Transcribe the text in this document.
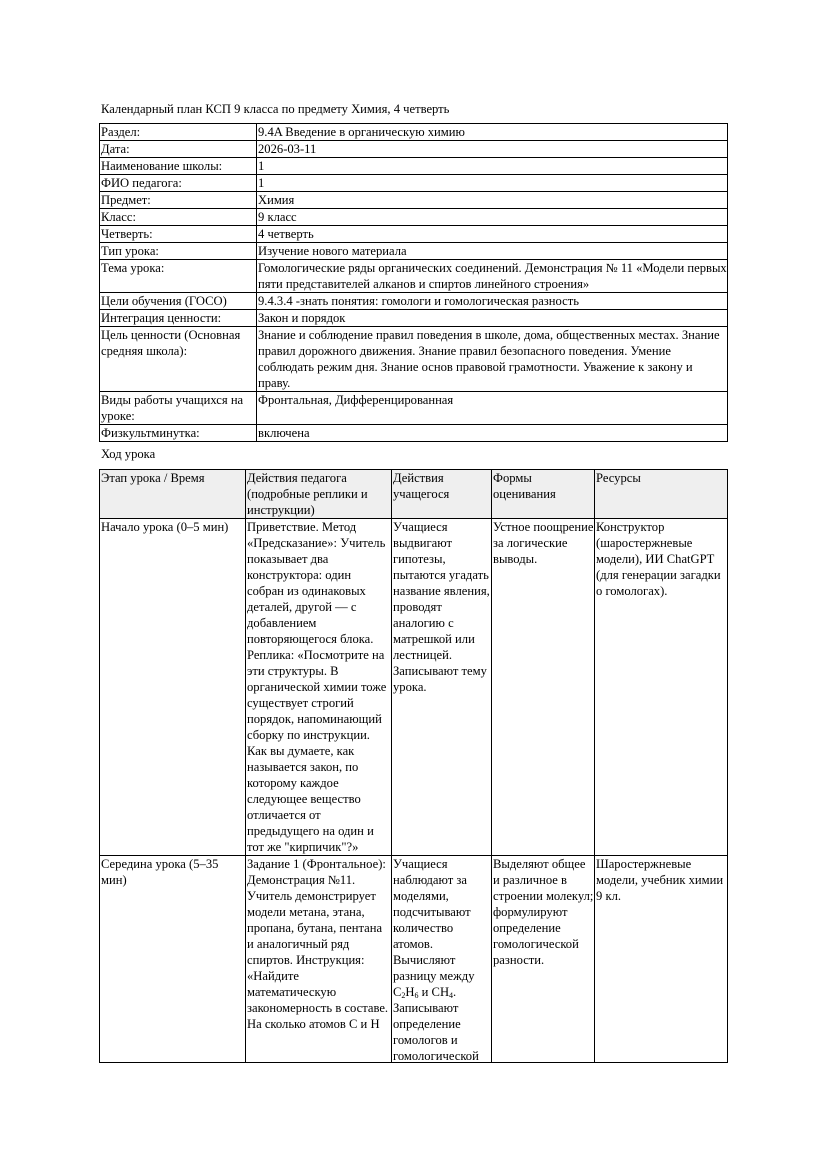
Календарный план КСП 9 класса по предмету Химия, 4 четверть
Раздел:	9.4A Введение в органическую химию
Дата:	2026-03-11
Наименование школы:	1
ФИО педагога:	1
Предмет:	Химия
Класс:	9 класс
Четверть:	4 четверть
Тип урока:	Изучение нового материала
Тема урока:	Гомологические ряды органических соединений. Демонстрация № 11 «Модели первых пяти представителей алканов и спиртов линейного строения»
Цели обучения (ГОСО)	9.4.3.4 -знать понятия: гомологи и гомологическая разность
Интеграция ценности:	Закон и порядок
Цель ценности (Основная средняя школа):	Знание и соблюдение правил поведения в школе, дома, общественных местах. Знание правил дорожного движения. Знание правил безопасного поведения. Умение соблюдать режим дня. Знание основ правовой грамотности. Уважение к закону и праву.
Виды работы учащихся на уроке:	Фронтальная, Дифференцированная
Физкультминутка:	включена
Ход урока
Этап урока / Время	Действия педагога (подробные реплики и инструкции)	Действия учащегося	Формы оценивания	Ресурсы
Начало урока (0–5 мин)	Приветствие. Метод «Предсказание»: Учитель показывает два конструктора: один собран из одинаковых деталей, другой — с добавлением повторяющегося блока. Реплика: «Посмотрите на эти структуры. В органической химии тоже существует строгий порядок, напоминающий сборку по инструкции. Как вы думаете, как называется закон, по которому каждое следующее вещество отличается от предыдущего на один и тот же "кирпичик"?»	Учащиеся выдвигают гипотезы, пытаются угадать название явления, проводят аналогию с матрешкой или лестницей. Записывают тему урока.	Устное поощрение за логические выводы.	Конструктор (шаростержневые модели), ИИ ChatGPT (для генерации загадки о гомологах).

Середина урока (5–35 мин)	Задание 1 (Фронтальное): Демонстрация №11. Учитель демонстрирует модели метана, этана, пропана, бутана, пентана и аналогичный ряд спиртов. Инструкция: «Найдите математическую закономерность в составе. На сколько атомов C и H	Учащиеся наблюдают за моделями, подсчитывают количество атомов. Вычисляют разницу между $C_2H_6$ и $CH_4$. Записывают определение гомологов и гомологической	Выделяют общее и различное в строении молекул; формулируют определение гомологической разности.	Шаростержневые модели, учебник химии 9 кл.
